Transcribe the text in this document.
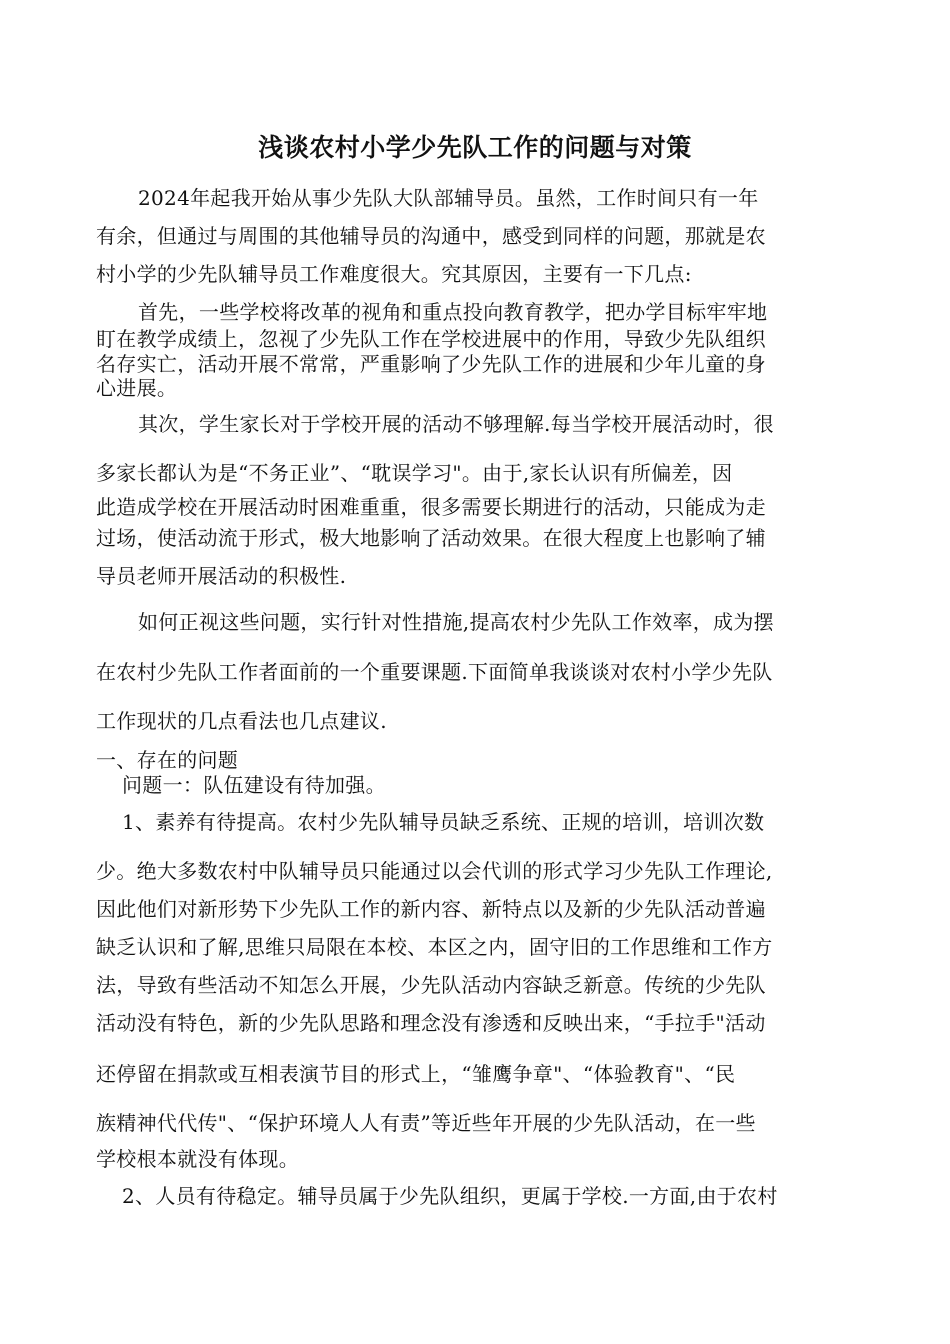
浅谈农村小学少先队工作的问题与对策

2024年起我开始从事少先队大队部辅导员。虽然，工作时间只有一年

有余，但通过与周围的其他辅导员的沟通中，感受到同样的问题，那就是农

村小学的少先队辅导员工作难度很大。究其原因，主要有一下几点:

首先，一些学校将改革的视角和重点投向教育教学，把办学目标牢牢地

盯在教学成绩上，忽视了少先队工作在学校进展中的作用，导致少先队组织

名存实亡，活动开展不常常，严重影响了少先队工作的进展和少年儿童的身

心进展。

其次，学生家长对于学校开展的活动不够理解.每当学校开展活动时，很

多家长都认为是“不务正业”、“耽误学习"。由于,家长认识有所偏差，因

此造成学校在开展活动时困难重重，很多需要长期进行的活动，只能成为走

过场，使活动流于形式，极大地影响了活动效果。在很大程度上也影响了辅

导员老师开展活动的积极性.

如何正视这些问题，实行针对性措施,提高农村少先队工作效率，成为摆

在农村少先队工作者面前的一个重要课题.下面简单我谈谈对农村小学少先队

工作现状的几点看法也几点建议.

一、存在的问题

问题一：队伍建设有待加强。

1、素养有待提高。农村少先队辅导员缺乏系统、正规的培训，培训次数

少。绝大多数农村中队辅导员只能通过以会代训的形式学习少先队工作理论,

因此他们对新形势下少先队工作的新内容、新特点以及新的少先队活动普遍

缺乏认识和了解,思维只局限在本校、本区之内，固守旧的工作思维和工作方

法，导致有些活动不知怎么开展，少先队活动内容缺乏新意。传统的少先队

活动没有特色，新的少先队思路和理念没有渗透和反映出来，“手拉手"活动

还停留在捐款或互相表演节目的形式上，“雏鹰争章"、“体验教育"、“民

族精神代代传"、“保护环境人人有责”等近些年开展的少先队活动，在一些

学校根本就没有体现。

2、人员有待稳定。辅导员属于少先队组织，更属于学校.一方面,由于农村
